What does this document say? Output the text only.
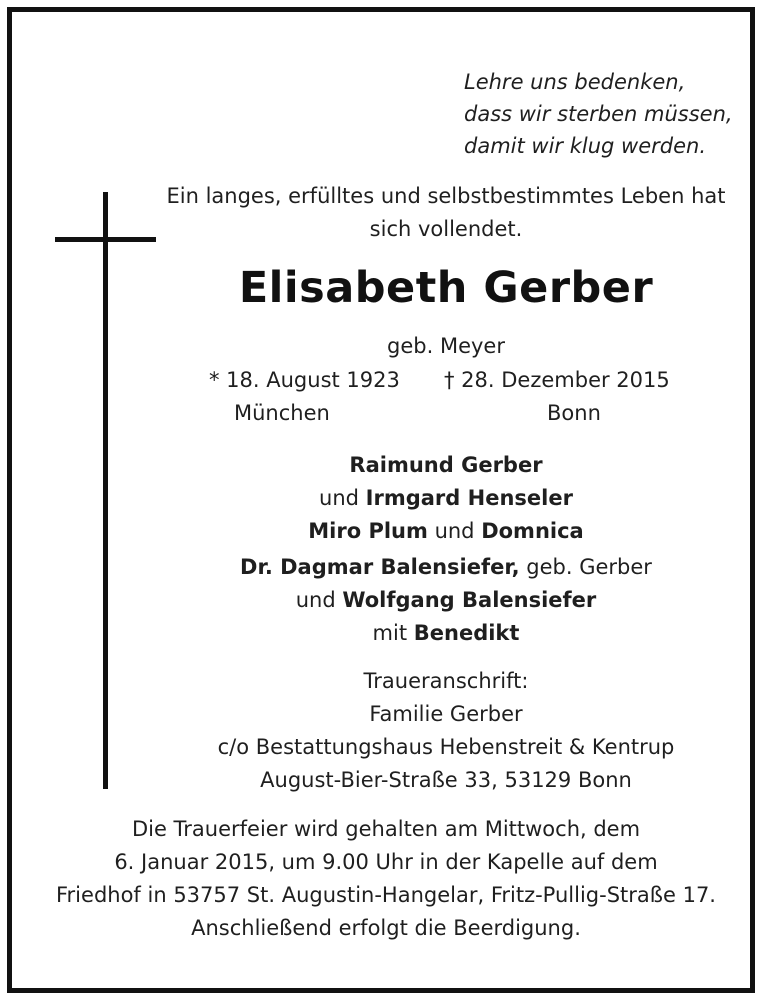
Lehre uns bedenken,
dass wir sterben müssen,
damit wir klug werden.
Ein langes, erfülltes und selbstbestimmtes Leben hat
sich vollendet.
Elisabeth Gerber
geb. Meyer
* 18. August 1923 † 28. Dezember 2015
München	Bonn
Raimund Gerber
und Irmgard Henseler
Miro Plum und Domnica
Dr. Dagmar Balensiefer, geb. Gerber
und Wolfgang Balensiefer
mit Benedikt
Traueranschrift:
Familie Gerber
c/o Bestattungshaus Hebenstreit & Kentrup
August-Bier-Straße 33, 53129 Bonn
Die Trauerfeier wird gehalten am Mittwoch, dem
6. Januar 2015, um 9.00 Uhr in der Kapelle auf dem
Friedhof in 53757 St. Augustin-Hangelar, Fritz-Pullig-Straße 17.
Anschließend erfolgt die Beerdigung.
